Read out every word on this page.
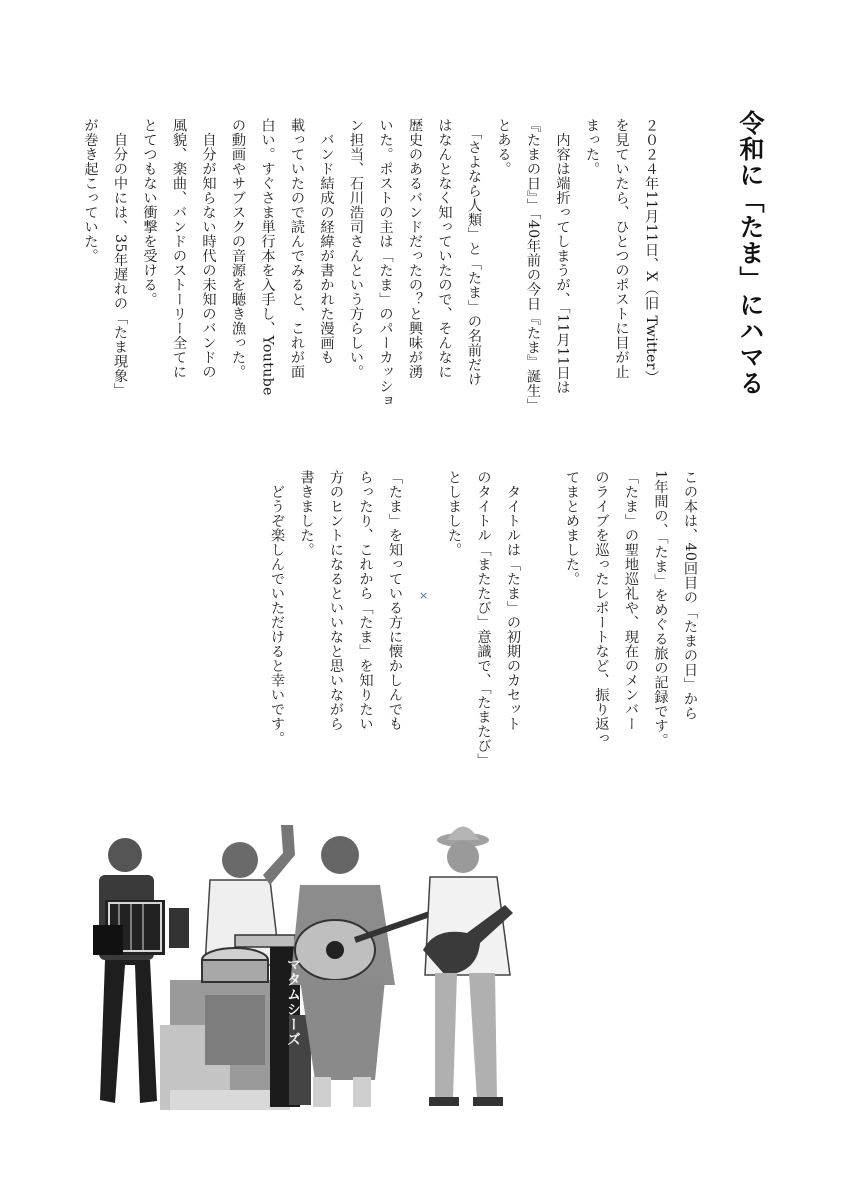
令和に「たま」にハマる
２０２４年11月11日、X（旧 Twitter）
を見ていたら、ひとつのポストに目が止
まった。
　内容は端折ってしまうが、「11月11日は
『たまの日』」「40年前の今日『たま』誕生」
とある。
　「さよなら人類」と「たま」の名前だけ
はなんとなく知っていたので、そんなに
歴史のあるバンドだったの？と興味が湧
いた。ポストの主は「たま」のパーカッショ
ン担当、石川浩司さんという方らしい。
　バンド結成の経緯が書かれた漫画も
載っていたので読んでみると、これが面
白い。すぐさま単行本を入手し、Youtube
の動画やサブスクの音源を聴き漁った。
　自分が知らない時代の未知のバンドの
風貌、楽曲、バンドのストーリー全てに
とてつもない衝撃を受ける。
　自分の中には、35年遅れの「たま現象」
が巻き起こっていた。
この本は、40回目の「たまの日」から
1年間の、「たま」をめぐる旅の記録です。
「たま」の聖地巡礼や、現在のメンバー
のライブを巡ったレポートなど、振り返っ
てまとめました。

　タイトルは「たま」の初期のカセット
のタイトル「またたび」意識で、「たまたび」
としました。

「たま」を知っている方に懐かしんでも
らったり、これから「たま」を知りたい
方のヒントになるといいなと思いながら
書きました。
　どうぞ楽しんでいただけると幸いです。	×
マタムシーズ
